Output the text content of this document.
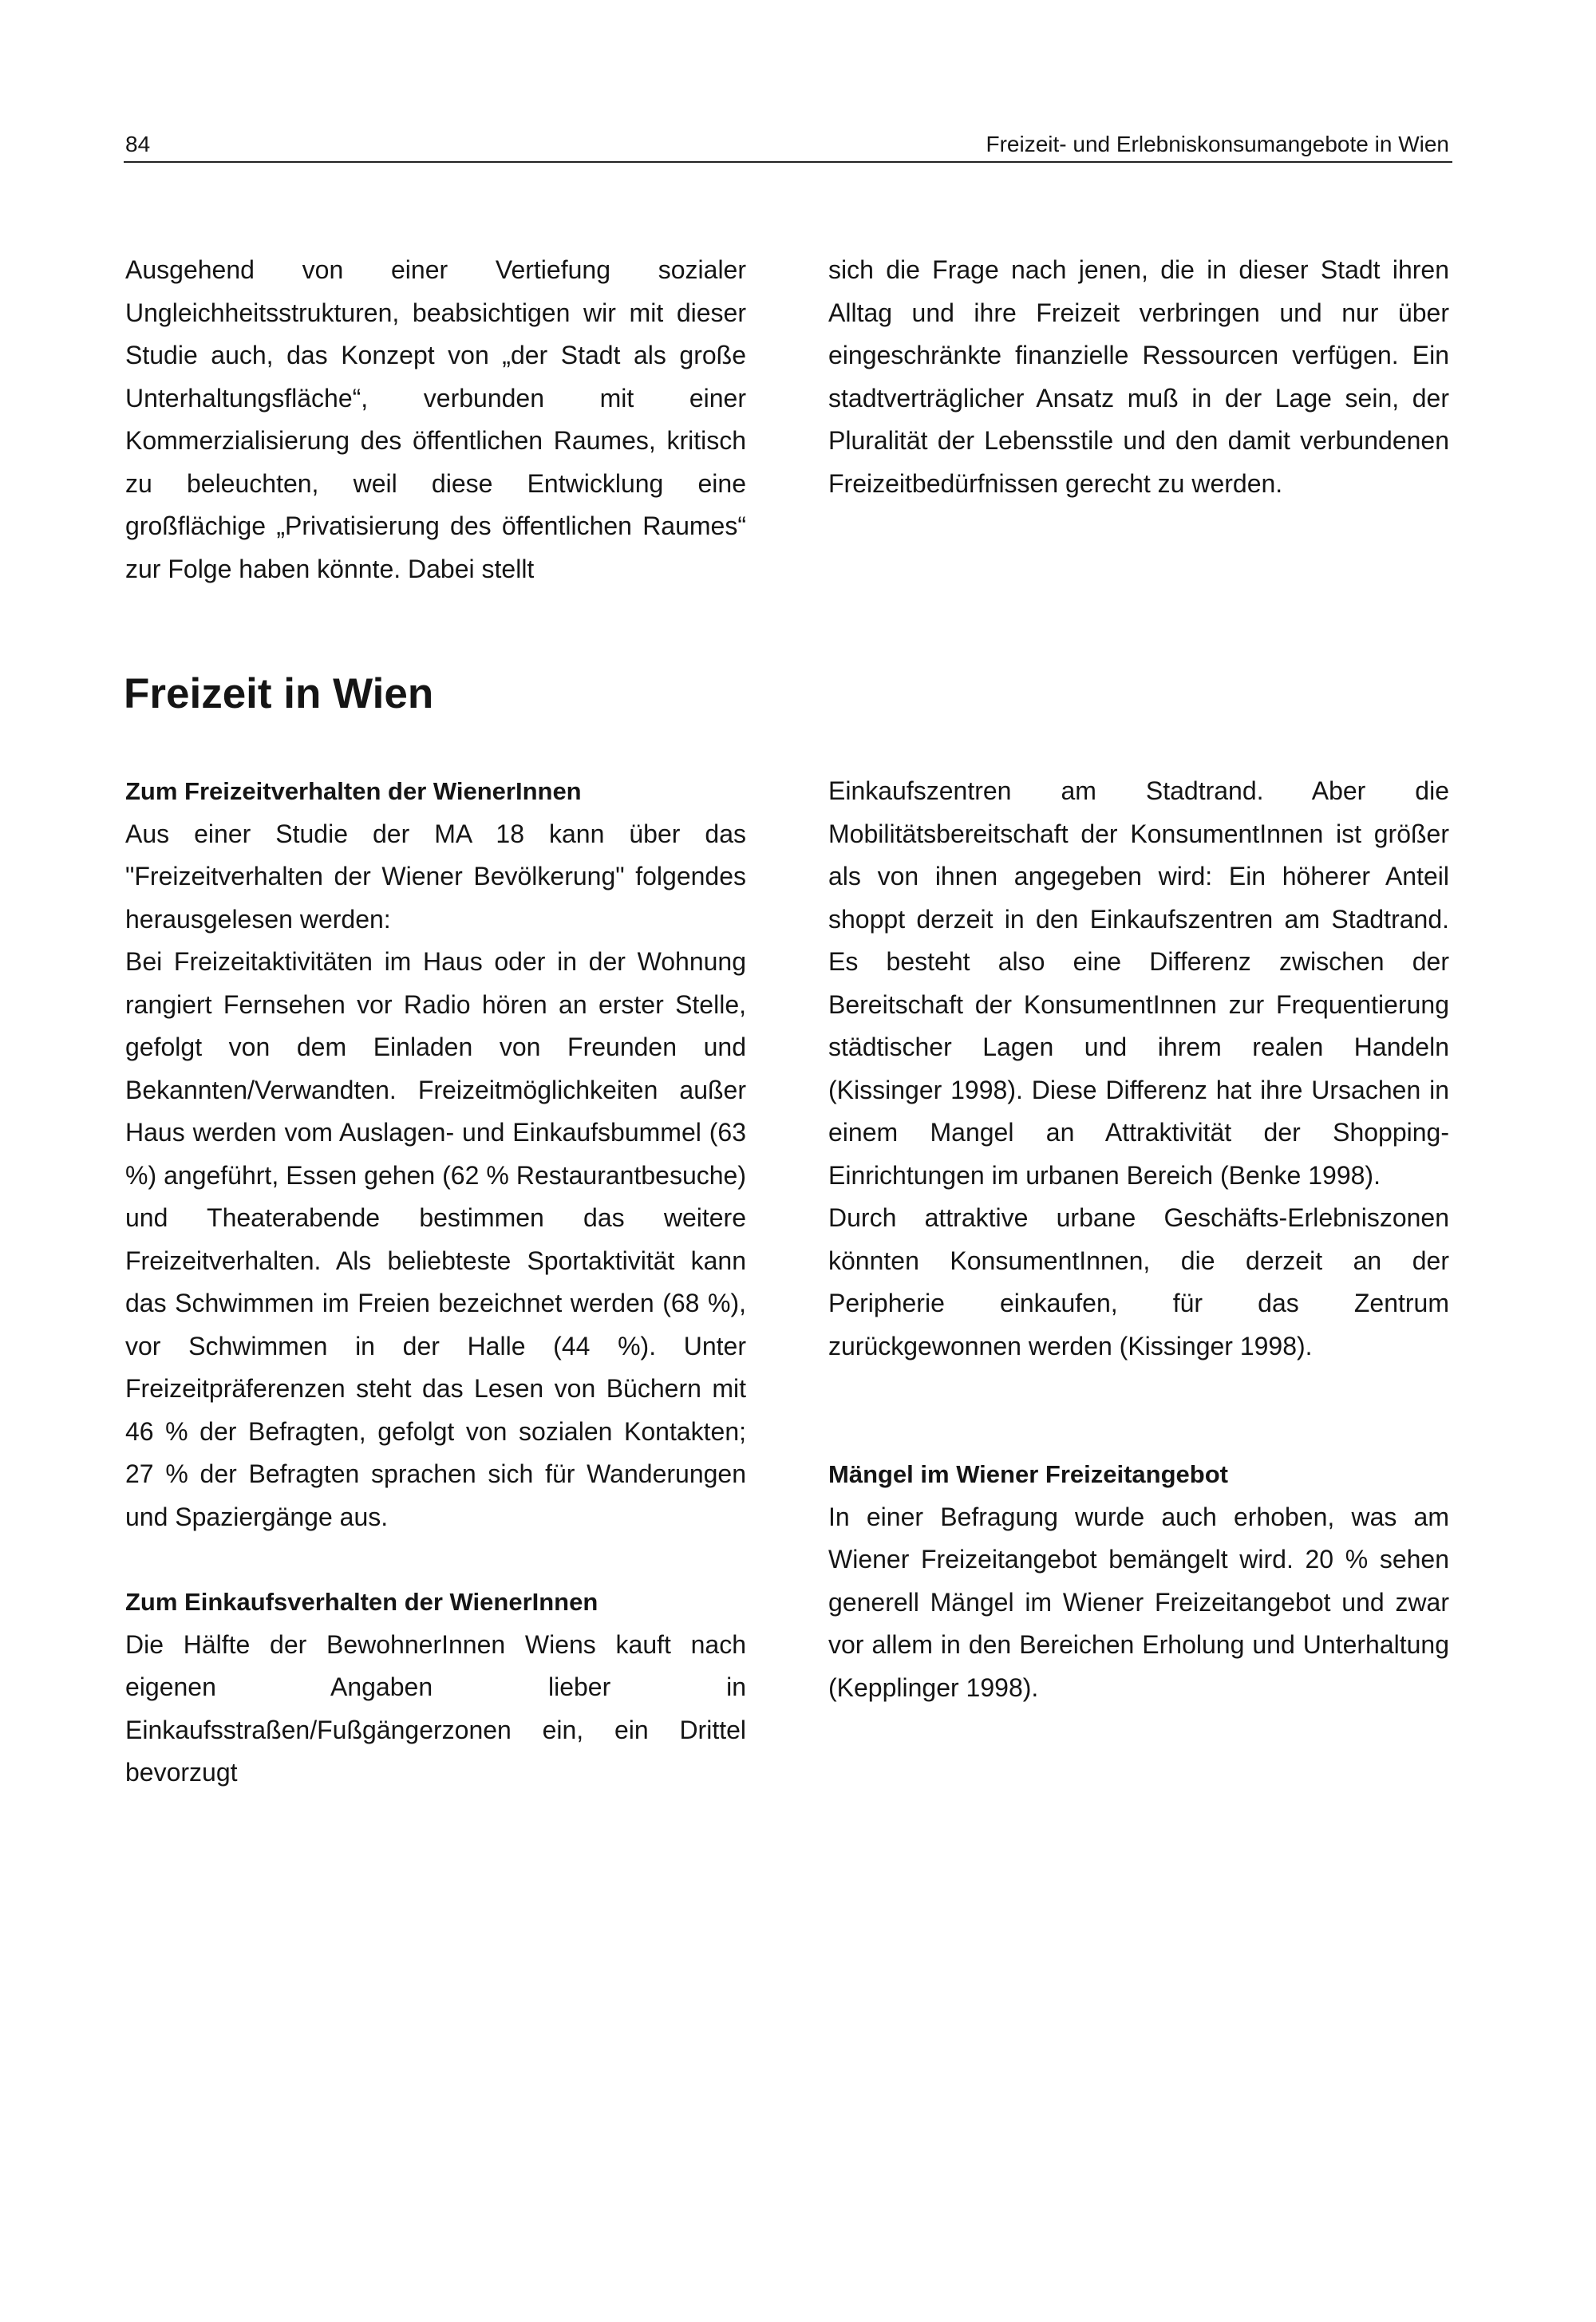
84	Freizeit- und Erlebniskonsumangebote in Wien

Ausgehend von einer Vertiefung sozialer Ungleichheitsstrukturen, beabsichtigen wir mit dieser Studie auch, das Konzept von „der Stadt als große Unterhaltungsfläche“, verbunden mit einer Kommerzialisierung des öffentlichen Raumes, kritisch zu beleuchten, weil diese Entwicklung eine großflächige „Privatisierung des öffentlichen Raumes“ zur Folge haben könnte. Dabei stellt

sich die Frage nach jenen, die in dieser Stadt ihren Alltag und ihre Freizeit verbringen und nur über eingeschränkte finanzielle Ressourcen verfügen. Ein stadtverträglicher Ansatz muß in der Lage sein, der Pluralität der Lebensstile und den damit verbundenen Freizeitbedürfnissen gerecht zu werden.

Freizeit in Wien
Zum Freizeitverhalten der WienerInnen

Aus einer Studie der MA 18 kann über das "Freizeitverhalten der Wiener Bevölkerung" folgendes herausgelesen werden:

Bei Freizeitaktivitäten im Haus oder in der Wohnung rangiert Fernsehen vor Radio hören an erster Stelle, gefolgt von dem Einladen von Freunden und Bekannten/Verwandten. Freizeitmöglichkeiten außer Haus werden vom Auslagen- und Einkaufsbummel (63 %) angeführt, Essen gehen (62 % Restaurantbesuche) und Theaterabende bestimmen das weitere Freizeitverhalten. Als beliebteste Sportaktivität kann das Schwimmen im Freien bezeichnet werden (68 %), vor Schwimmen in der Halle (44 %). Unter Freizeitpräferenzen steht das Lesen von Büchern mit 46 % der Befragten, gefolgt von sozialen Kontakten; 27 % der Befragten sprachen sich für Wanderungen und Spaziergänge aus.

Zum Einkaufsverhalten der WienerInnen

Die Hälfte der BewohnerInnen Wiens kauft nach eigenen Angaben lieber in Einkaufsstraßen/Fußgängerzonen ein, ein Drittel bevorzugt

Einkaufszentren am Stadtrand. Aber die Mobilitätsbereitschaft der KonsumentInnen ist größer als von ihnen angegeben wird: Ein höherer Anteil shoppt derzeit in den Einkaufszentren am Stadtrand. Es besteht also eine Differenz zwischen der Bereitschaft der KonsumentInnen zur Frequentierung städtischer Lagen und ihrem realen Handeln (Kissinger 1998). Diese Differenz hat ihre Ursachen in einem Mangel an Attraktivität der Shopping-Einrichtungen im urbanen Bereich (Benke 1998).

Durch attraktive urbane Geschäfts-Erlebniszonen könnten KonsumentInnen, die derzeit an der Peripherie einkaufen, für das Zentrum zurückgewonnen werden (Kissinger 1998).

Mängel im Wiener Freizeitangebot

In einer Befragung wurde auch erhoben, was am Wiener Freizeitangebot bemängelt wird. 20 % sehen generell Mängel im Wiener Freizeitangebot und zwar vor allem in den Bereichen Erholung und Unterhaltung (Kepplinger 1998).
